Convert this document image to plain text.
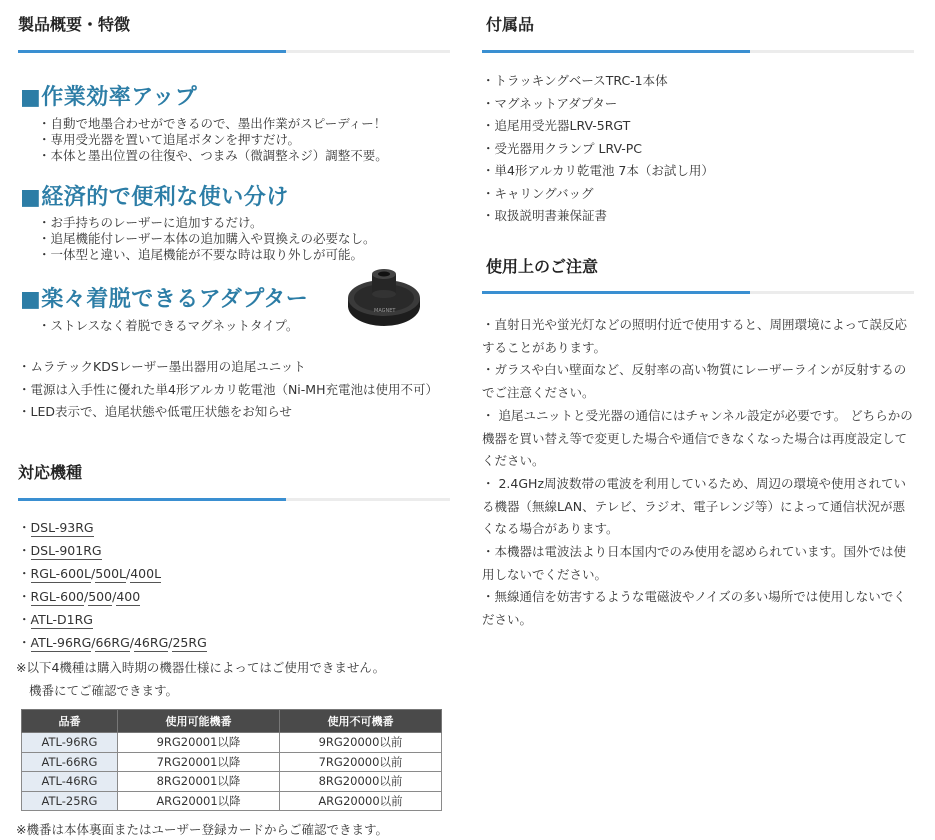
製品概要・特徴
■作業効率アップ
・自動で地墨合わせができるので、墨出作業がスピーディー！
・専用受光器を置いて追尾ボタンを押すだけ。
・本体と墨出位置の往復や、つまみ（微調整ネジ）調整不要。
■経済的で便利な使い分け
・お手持ちのレーザーに追加するだけ。
・追尾機能付レーザー本体の追加購入や買換えの必要なし。
・一体型と違い、追尾機能が不要な時は取り外しが可能。
■楽々着脱できるアダプター
・ストレスなく着脱できるマグネットタイプ。
MAGNET
・ムラテックKDSレーザー墨出器用の追尾ユニット
・電源は入手性に優れた単4形アルカリ乾電池（Ni-MH充電池は使用不可）
・LED表示で、追尾状態や低電圧状態をお知らせ
対応機種
・DSL-93RG
・DSL-901RG
・RGL-600L/500L/400L
・RGL-600/500/400
・ATL-D1RG
・ATL-96RG/66RG/46RG/25RG
※以下4機種は購入時期の機器仕様によってはご使用できません。
機番にてご確認できます。
品番	使用可能機番	使用不可機番
ATL-96RG	9RG20001以降	9RG20000以前
ATL-66RG	7RG20001以降	7RG20000以前
ATL-46RG	8RG20001以降	8RG20000以前
ATL-25RG	ARG20001以降	ARG20000以前
※機番は本体裏面またはユーザー登録カードからご確認できます。
付属品
・トラッキングベースTRC-1本体
・マグネットアダプター
・追尾用受光器LRV-5RGT
・受光器用クランプ LRV-PC
・単4形アルカリ乾電池 7本（お試し用）
・キャリングバッグ
・取扱説明書兼保証書
使用上のご注意
・直射日光や蛍光灯などの照明付近で使用すると、周囲環境によって誤反応
することがあります。
・ガラスや白い壁面など、反射率の高い物質にレーザーラインが反射するの
でご注意ください。
・ 追尾ユニットと受光器の通信にはチャンネル設定が必要です。 どちらかの
機器を買い替え等で変更した場合や通信できなくなった場合は再度設定して
ください。
・ 2.4GHz周波数帯の電波を利用しているため、周辺の環境や使用されてい
る機器（無線LAN、テレビ、ラジオ、電子レンジ等）によって通信状況が悪
くなる場合があります。
・本機器は電波法より日本国内でのみ使用を認められています。国外では使
用しないでください。
・無線通信を妨害するような電磁波やノイズの多い場所では使用しないでく
ださい。
